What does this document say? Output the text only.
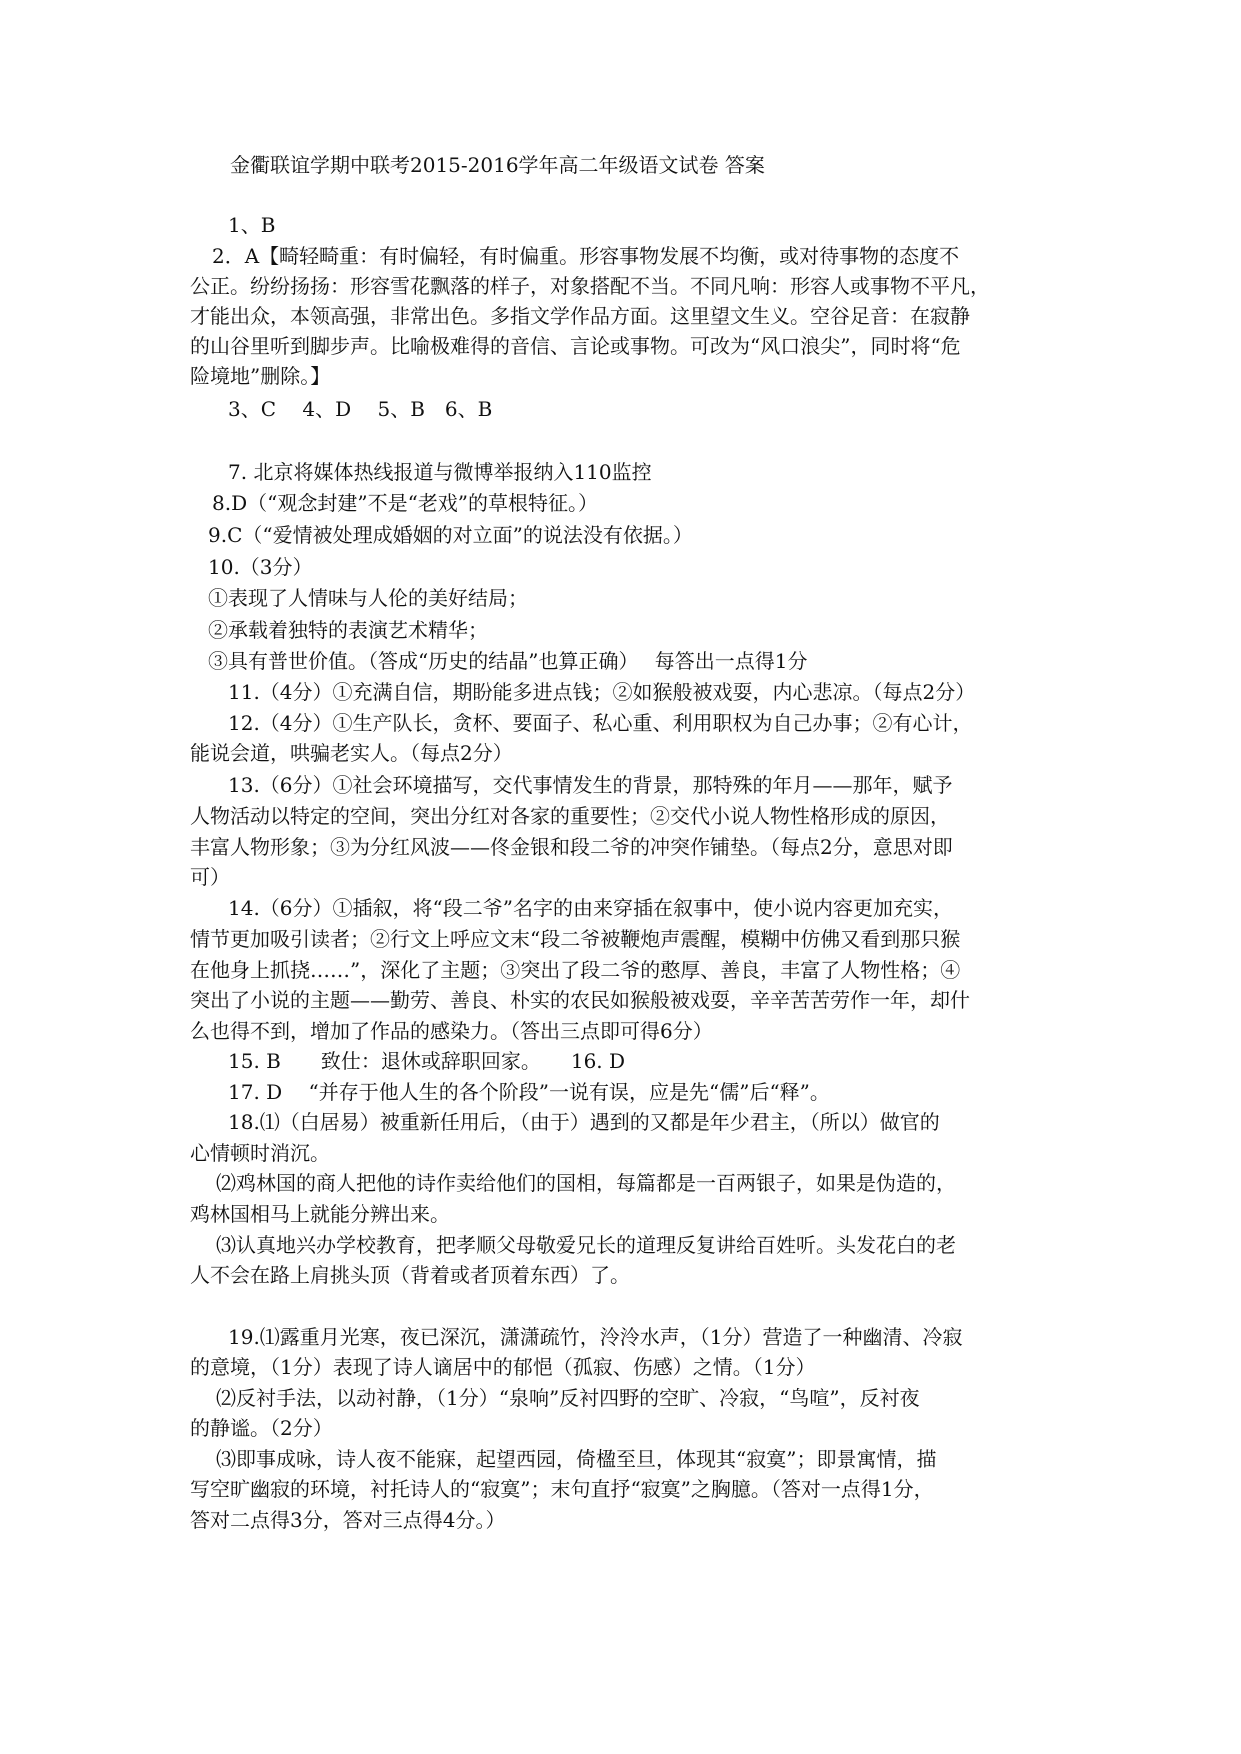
金衢联谊学期中联考2015-2016学年高二年级语文试卷 答案
1、B
2．A【畸轻畸重：有时偏轻，有时偏重。形容事物发展不均衡，或对待事物的态度不
公正。纷纷扬扬：形容雪花飘落的样子，对象搭配不当。不同凡响：形容人或事物不平凡，
才能出众，本领高强，非常出色。多指文学作品方面。这里望文生义。空谷足音：在寂静
的山谷里听到脚步声。比喻极难得的音信、言论或事物。可改为“风口浪尖”，同时将“危
险境地”删除。】
3、C　 4、D　 5、B　6、B
7. 北京将媒体热线报道与微博举报纳入110监控
8.D（“观念封建”不是“老戏”的草根特征。）
9.C（“爱情被处理成婚姻的对立面”的说法没有依据。）
10.（3分）
①表现了人情味与人伦的美好结局；
②承载着独特的表演艺术精华；
③具有普世价值。（答成“历史的结晶”也算正确）　 每答出一点得1分
11.（4分）①充满自信，期盼能多进点钱；②如猴般被戏耍，内心悲凉。（每点2分）
12.（4分）①生产队长，贪杯、要面子、私心重、利用职权为自己办事；②有心计，
能说会道，哄骗老实人。（每点2分）
13.（6分）①社会环境描写，交代事情发生的背景，那特殊的年月——那年，赋予
人物活动以特定的空间，突出分红对各家的重要性；②交代小说人物性格形成的原因，
丰富人物形象；③为分红风波——佟金银和段二爷的冲突作铺垫。（每点2分，意思对即
可）
14.（6分）①插叙，将“段二爷”名字的由来穿插在叙事中，使小说内容更加充实，
情节更加吸引读者；②行文上呼应文末“段二爷被鞭炮声震醒，模糊中仿佛又看到那只猴
在他身上抓挠……”，深化了主题；③突出了段二爷的憨厚、善良，丰富了人物性格；④
突出了小说的主题——勤劳、善良、朴实的农民如猴般被戏耍，辛辛苦苦劳作一年，却什
么也得不到，增加了作品的感染力。（答出三点即可得6分）
15. B　　致仕：退休或辞职回家。　　16. D
17. D　 “并存于他人生的各个阶段”一说有误，应是先“儒”后“释”。
18.⑴（白居易）被重新任用后，（由于）遇到的又都是年少君主，（所以）做官的
心情顿时消沉。
⑵鸡林国的商人把他的诗作卖给他们的国相，每篇都是一百两银子，如果是伪造的，
鸡林国相马上就能分辨出来。
⑶认真地兴办学校教育，把孝顺父母敬爱兄长的道理反复讲给百姓听。头发花白的老
人不会在路上肩挑头顶（背着或者顶着东西）了。
19.⑴露重月光寒，夜已深沉，潇潇疏竹，泠泠水声，（1分）营造了一种幽清、冷寂
的意境，（1分）表现了诗人谪居中的郁悒（孤寂、伤感）之情。（1分）
⑵反衬手法，以动衬静，（1分）“泉响”反衬四野的空旷、冷寂，“鸟喧”，反衬夜
的静谧。（2分）
⑶即事成咏，诗人夜不能寐，起望西园，倚楹至旦，体现其“寂寞”；即景寓情，描
写空旷幽寂的环境，衬托诗人的“寂寞”；末句直抒“寂寞”之胸臆。（答对一点得1分，
答对二点得3分，答对三点得4分。）
